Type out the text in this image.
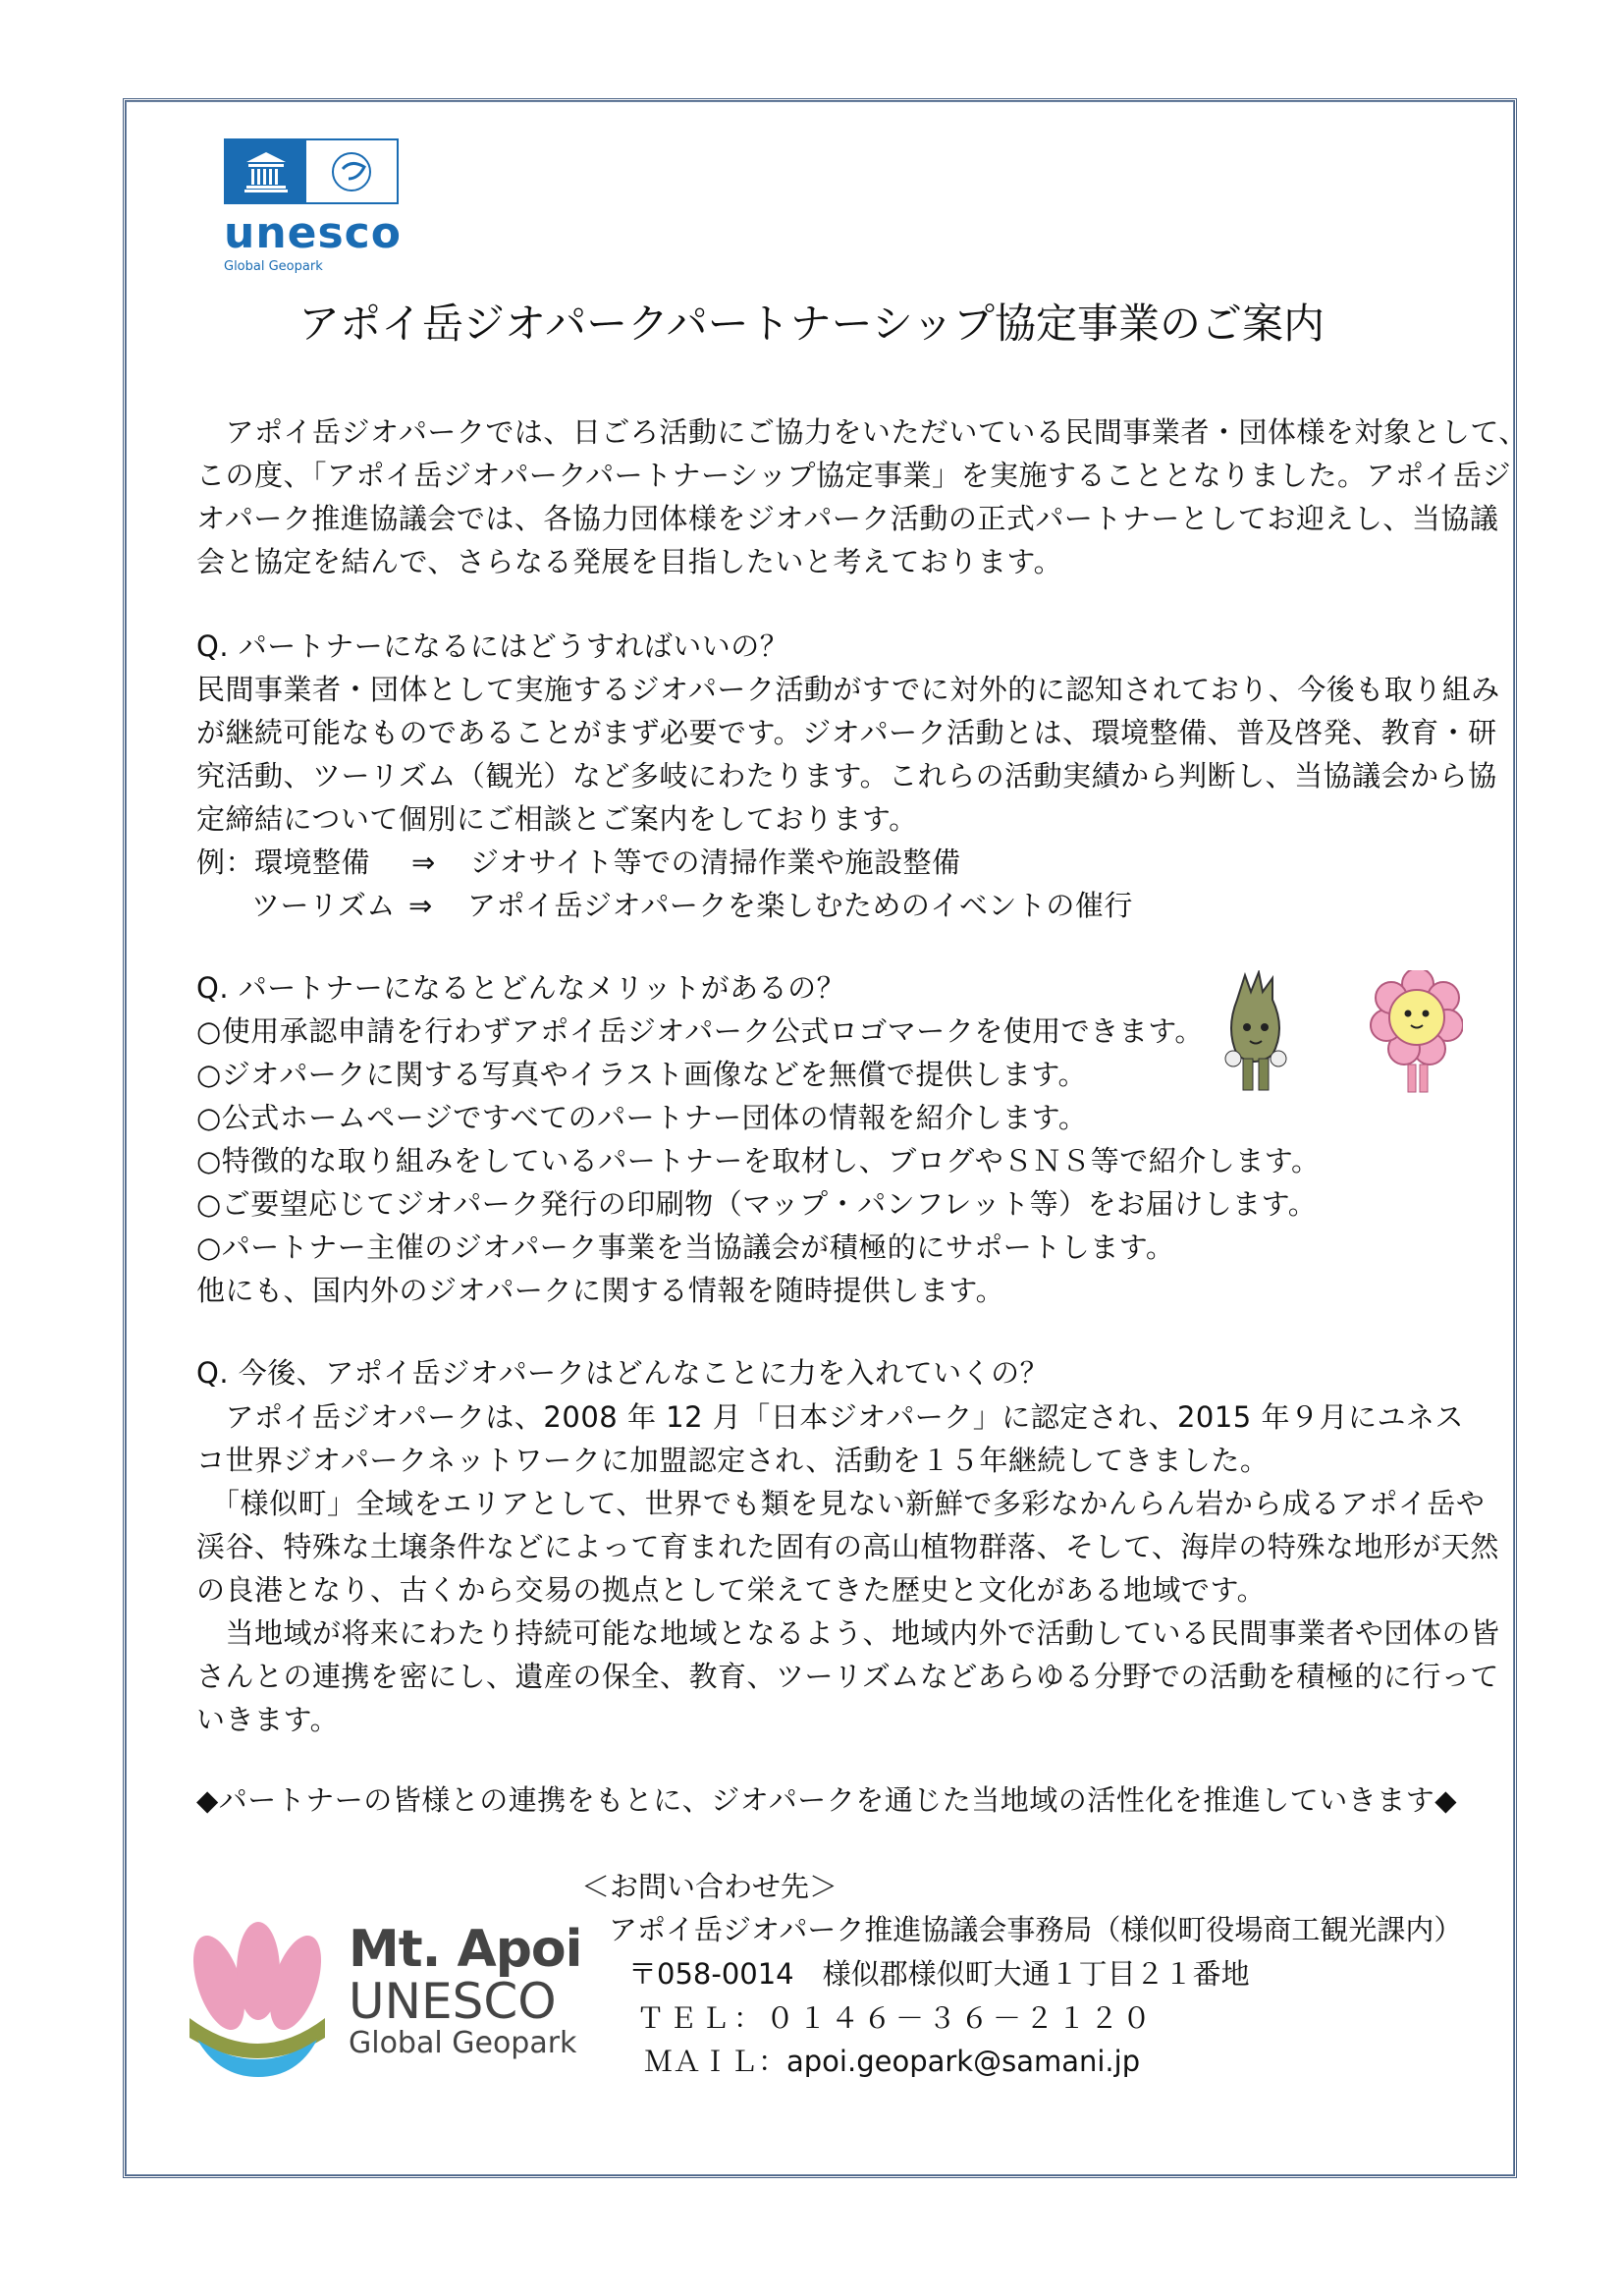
unesco
Global Geopark
アポイ岳ジオパークパートナーシップ協定事業のご案内
　アポイ岳ジオパークでは、日ごろ活動にご協力をいただいている民間事業者・団体様を対象として、
この度、「アポイ岳ジオパークパートナーシップ協定事業」を実施することとなりました。アポイ岳ジ
オパーク推進協議会では、各協力団体様をジオパーク活動の正式パートナーとしてお迎えし、当協議
会と協定を結んで、さらなる発展を目指したいと考えております。
Q. パートナーになるにはどうすればいいの？
民間事業者・団体として実施するジオパーク活動がすでに対外的に認知されており、今後も取り組み
が継続可能なものであることがまず必要です。ジオパーク活動とは、環境整備、普及啓発、教育・研
究活動、ツーリズム（観光）など多岐にわたります。これらの活動実績から判断し、当協議会から協
定締結について個別にご相談とご案内をしております。
例：環境整備 ⇒ ジオサイト等での清掃作業や施設整備
ツーリズム ⇒ アポイ岳ジオパークを楽しむためのイベントの催行
Q. パートナーになるとどんなメリットがあるの？
○使用承認申請を行わずアポイ岳ジオパーク公式ロゴマークを使用できます。
○ジオパークに関する写真やイラスト画像などを無償で提供します。
○公式ホームページですべてのパートナー団体の情報を紹介します。
○特徴的な取り組みをしているパートナーを取材し、ブログやＳＮＳ等で紹介します。
○ご要望応じてジオパーク発行の印刷物（マップ・パンフレット等）をお届けします。
○パートナー主催のジオパーク事業を当協議会が積極的にサポートします。
他にも、国内外のジオパークに関する情報を随時提供します。
Q. 今後、アポイ岳ジオパークはどんなことに力を入れていくの？
　アポイ岳ジオパークは、2008 年 12 月「日本ジオパーク」に認定され、2015 年９月にユネス
コ世界ジオパークネットワークに加盟認定され、活動を１５年継続してきました。
　「様似町」全域をエリアとして、世界でも類を見ない新鮮で多彩なかんらん岩から成るアポイ岳や
渓谷、特殊な土壌条件などによって育まれた固有の高山植物群落、そして、海岸の特殊な地形が天然
の良港となり、古くから交易の拠点として栄えてきた歴史と文化がある地域です。
　当地域が将来にわたり持続可能な地域となるよう、地域内外で活動している民間事業者や団体の皆
さんとの連携を密にし、遺産の保全、教育、ツーリズムなどあらゆる分野での活動を積極的に行って
いきます。
◆パートナーの皆様との連携をもとに、ジオパークを通じた当地域の活性化を推進していきます◆
Mt. Apoi
UNESCO
Global Geopark
＜お問い合わせ先＞
アポイ岳ジオパーク推進協議会事務局（様似町役場商工観光課内）
〒058-0014　様似郡様似町大通１丁目２１番地
ＴＥＬ：０１４６－３６－２１２０
ＭＡＩＬ：apoi.geopark@samani.jp
